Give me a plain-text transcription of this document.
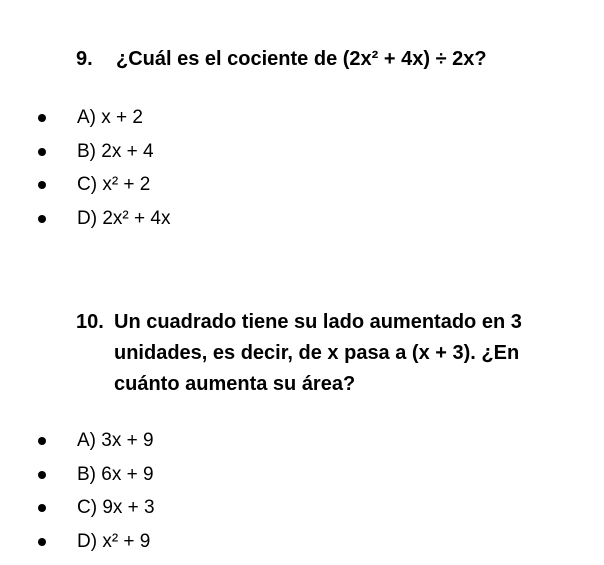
9.	¿Cuál es el cociente de (2x² + 4x) ÷ 2x?
A) x + 2
B) 2x + 4
C) x² + 2
D) 2x² + 4x
10. Un cuadrado tiene su lado aumentado en 3 unidades, es decir, de x pasa a (x + 3). ¿En cuánto aumenta su área?
A) 3x + 9
B) 6x + 9
C) 9x + 3
D) x² + 9
